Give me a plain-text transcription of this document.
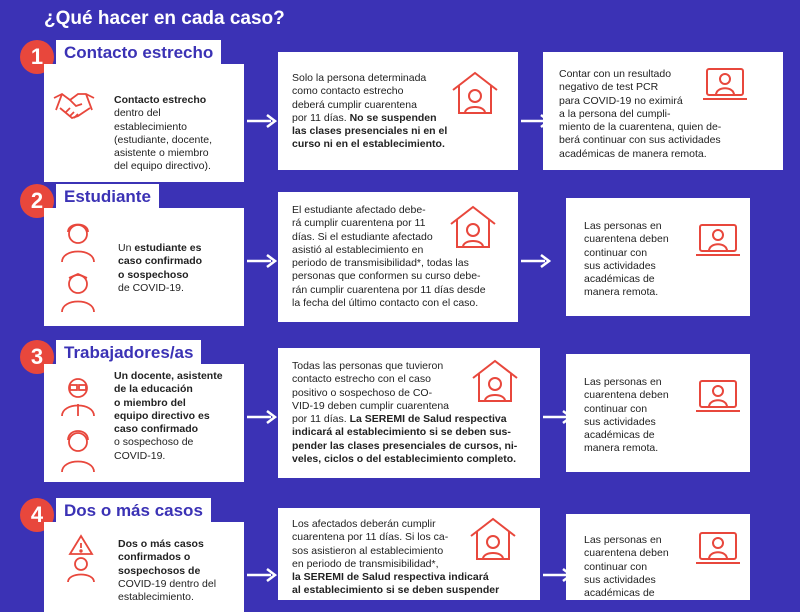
¿Qué hacer en cada caso?
1	Contacto estrecho
Contacto estrecho
dentro del
establecimiento
(estudiante, docente,
asistente o miembro
del equipo directivo).
Solo la persona determinada
como contacto estrecho
deberá cumplir cuarentena
por 11 días. No se suspenden
las clases presenciales ni en el
curso ni en el establecimiento.
Contar con un resultado
negativo de test PCR
para COVID-19 no eximirá
a la persona del cumpli-
miento de la cuarentena, quien de-
berá continuar con sus actividades
académicas de manera remota.
2	Estudiante
Un estudiante es
caso confirmado
o sospechoso
de COVID-19.
El estudiante afectado debe-
rá cumplir cuarentena por 11
días. Si el estudiante afectado
asistió al establecimiento en
periodo de transmisibilidad*, todas las
personas que conformen su curso debe-
rán cumplir cuarentena por 11 días desde
la fecha del último contacto con el caso.
Las personas en
cuarentena deben
continuar con
sus actividades
académicas de
manera remota.
3	Trabajadores/as
Un docente, asistente
de la educación
o miembro del
equipo directivo es
caso confirmado
o sospechoso de
COVID-19.
Todas las personas que tuvieron
contacto estrecho con el caso
positivo o sospechoso de CO-
VID-19 deben cumplir cuarentena
por 11 días. La SEREMI de Salud respectiva
indicará al establecimiento si se deben sus-
pender las clases presenciales de cursos, ni-
veles, ciclos o del establecimiento completo.
Las personas en
cuarentena deben
continuar con
sus actividades
académicas de
manera remota.
4	Dos o más casos
Dos o más casos
confirmados o
sospechosos de
COVID-19 dentro del
establecimiento.
Los afectados deberán cumplir
cuarentena por 11 días. Si los ca-
sos asistieron al establecimiento
en periodo de transmisibilidad*,
la SEREMI de Salud respectiva indicará
al establecimiento si se deben suspender
Las personas en
cuarentena deben
continuar con
sus actividades
académicas de
